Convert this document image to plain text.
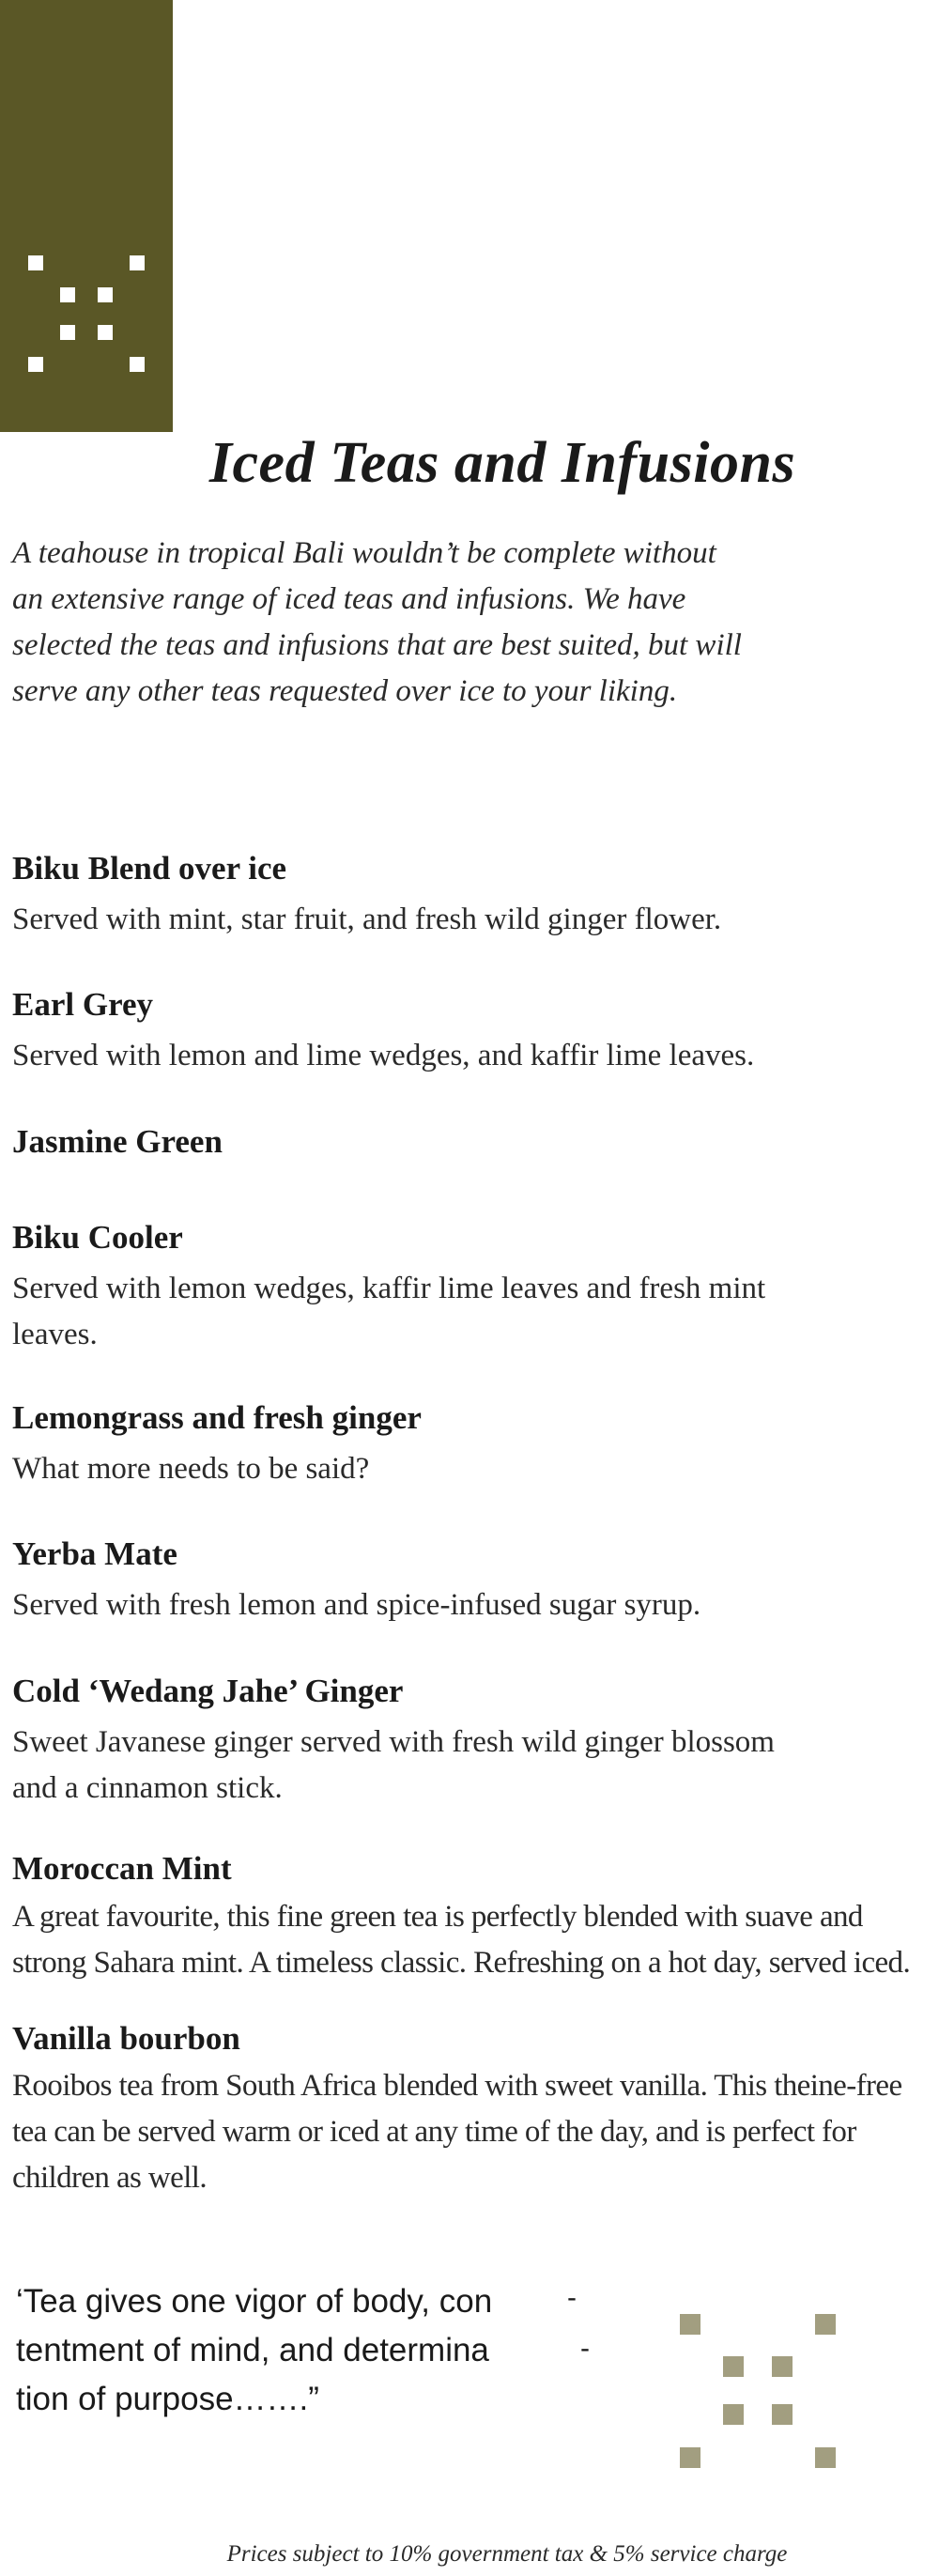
Iced Teas and Infusions
A teahouse in tropical Bali wouldn’t be complete without
an extensive range of iced teas and infusions. We have
selected the teas and infusions that are best suited, but will
serve any other teas requested over ice to your liking.
Biku Blend over ice
Served with mint, star fruit, and fresh wild ginger flower.
Earl Grey
Served with lemon and lime wedges, and kaffir lime leaves.
Jasmine Green
Biku Cooler
Served with lemon wedges, kaffir lime leaves and fresh mint
leaves.
Lemongrass and fresh ginger
What more needs to be said?
Yerba Mate
Served with fresh lemon and spice-infused sugar syrup.
Cold ‘Wedang Jahe’ Ginger
Sweet Javanese ginger served with fresh wild ginger blossom
and a cinnamon stick.
Moroccan Mint
A great favourite, this fine green tea is perfectly blended with suave and
strong Sahara mint. A timeless classic. Refreshing on a hot day, served iced.
Vanilla bourbon
Rooibos tea from South Africa blended with sweet vanilla. This theine-free
tea can be served warm or iced at any time of the day, and is perfect for
children as well.
‘Tea gives one vigor of body, con
tentment of mind, and determina
tion of purpose…….”
-
-
Prices subject to 10% government tax & 5% service charge
